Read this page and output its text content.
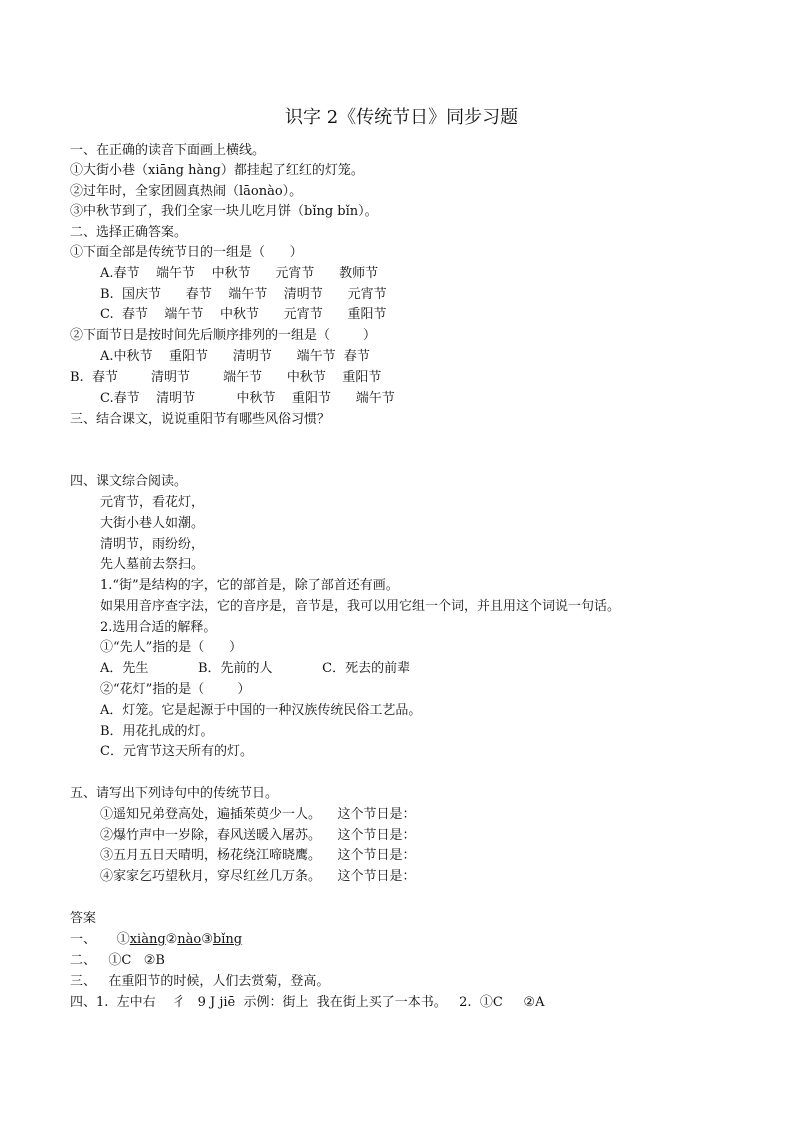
识字 2《传统节日》同步习题
一、在正确的读音下面画上横线。
①大街小巷（xiāng hàng）都挂起了红红的灯笼。
②过年时，全家团圆真热闹（lāonào）。
③中秋节到了，我们全家一块儿吃月饼（bǐng bǐn）。
二、选择正确答案。
①下面全部是传统节日的一组是（      ）
A.春节    端午节    中秋节      元宵节      教师节
B.  国庆节      春节    端午节    清明节      元宵节
C.  春节    端午节    中秋节      元宵节      重阳节
②下面节日是按时间先后顺序排列的一组是（        ）
A.中秋节    重阳节      清明节      端午节  春节
B.  春节        清明节        端午节      中秋节    重阳节
C.春节    清明节          中秋节    重阳节      端午节
三、结合课文，说说重阳节有哪些风俗习惯？
四、课文综合阅读。
元宵节，看花灯，
大街小巷人如潮。
清明节，雨纷纷，
先人墓前去祭扫。
1.“街”是结构的字，它的部首是，除了部首还有画。
如果用音序查字法，它的音序是，音节是，我可以用它组一个词，并且用这个词说一句话。
2.选用合适的解释。
①“先人”指的是（      ）
A．先生            B．先前的人            C．死去的前辈
②“花灯”指的是（        ）
A．灯笼。它是起源于中国的一种汉族传统民俗工艺品。
B．用花扎成的灯。
C．元宵节这天所有的灯。
五、请写出下列诗句中的传统节日。
①遥知兄弟登高处，遍插茱萸少一人。    这个节日是：
②爆竹声中一岁除，春风送暖入屠苏。    这个节日是：
③五月五日天晴明，杨花绕江啼晓鹰。    这个节日是：
④家家乞巧望秋月，穿尽红丝几万条。    这个节日是：
答案
一、 ①xiàng②nào③bǐng
二、   ①C   ②B
三、   在重阳节的时候，人们去赏菊，登高。
四、1.  左中右    彳   9 J jiē  示例：街上  我在街上买了一本书。   2.  ①C     ②A
